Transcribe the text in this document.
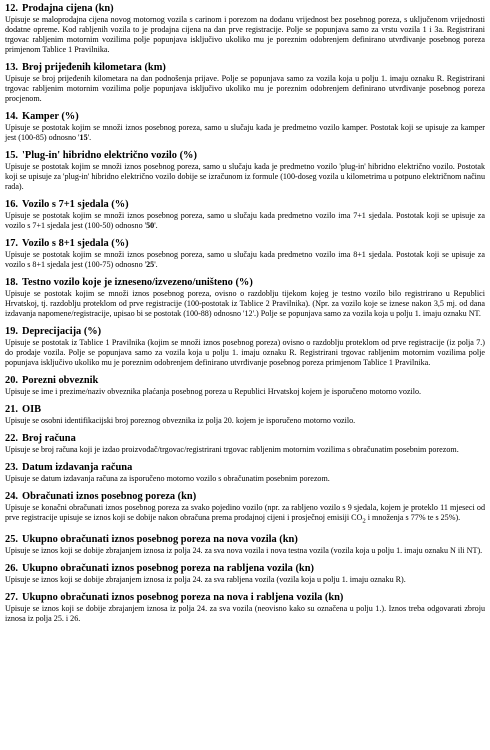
12. Prodajna cijena (kn)

Upisuje se maloprodajna cijena novog motornog vozila s carinom i porezom na dodanu vrijednost bez posebnog poreza, s uključenom vrijednosti dodatne opreme. Kod rabljenih vozila to je prodajna cijena na dan prve registracije. Polje se popunjava samo za vrstu vozila 1 i 3a. Registrirani trgovac rabljenim motornim vozilima polje popunjava isključivo ukoliko mu je poreznim odobrenjem definirano utvrđivanje posebnog poreza primjenom Tablice 1 Pravilnika.

13. Broj prijeđenih kilometara (km)

Upisuje se broj prijeđenih kilometara na dan podnošenja prijave. Polje se popunjava samo za vozila koja u polju 1. imaju oznaku R. Registrirani trgovac rabljenim motornim vozilima polje popunjava isključivo ukoliko mu je poreznim odobrenjem definirano utvrđivanje posebnog poreza procjenom.

14. Kamper (%)

Upisuje se postotak kojim se množi iznos posebnog poreza, samo u slučaju kada je predmetno vozilo kamper. Postotak koji se upisuje za kamper jest (100-85) odnosno '15'.

15. 'Plug-in' hibridno električno vozilo (%)

Upisuje se postotak kojim se množi iznos posebnog poreza, samo u slučaju kada je predmetno vozilo 'plug-in' hibridno električno vozilo. Postotak koji se upisuje za 'plug-in' hibridno električno vozilo dobije se izračunom iz formule (100-doseg vozila u kilometrima u potpuno električnom načinu rada).

16. Vozilo s 7+1 sjedala (%)

Upisuje se postotak kojim se množi iznos posebnog poreza, samo u slučaju kada predmetno vozilo ima 7+1 sjedala. Postotak koji se upisuje za vozilo s 7+1 sjedala jest (100-50) odnosno '50'.

17. Vozilo s 8+1 sjedala (%)

Upisuje se postotak kojim se množi iznos posebnog poreza, samo u slučaju kada predmetno vozilo ima 8+1 sjedala. Postotak koji se upisuje za vozilo s 8+1 sjedala jest (100-75) odnosno '25'.

18. Testno vozilo koje je izneseno/izvezeno/uništeno (%)

Upisuje se postotak kojim se množi iznos posebnog poreza, ovisno o razdoblju tijekom kojeg je testno vozilo bilo registrirano u Republici Hrvatskoj, tj. razdoblju proteklom od prve registracije (100-postotak iz Tablice 2 Pravilnika). (Npr. za vozilo koje se iznese nakon 3,5 mj. od dana izdavanja napomene/registracije, upisao bi se postotak (100-88) odnosno '12'.) Polje se popunjava samo za vozila koja u polju 1. imaju oznaku NT.

19. Deprecijacija (%)

Upisuje se postotak iz Tablice 1 Pravilnika (kojim se množi iznos posebnog poreza) ovisno o razdoblju proteklom od prve registracije (iz polja 7.) do prodaje vozila. Polje se popunjava samo za vozila koja u polju 1. imaju oznaku R. Registrirani trgovac rabljenim motornim vozilima polje popunjava isključivo ukoliko mu je poreznim odobrenjem definirano utvrđivanje posebnog poreza primjenom Tablice 1 Pravilnika.

20. Porezni obveznik

Upisuje se ime i prezime/naziv obveznika plaćanja posebnog poreza u Republici Hrvatskoj kojem je isporučeno motorno vozilo.

21. OIB

Upisuje se osobni identifikacijski broj poreznog obveznika iz polja 20. kojem je isporučeno motorno vozilo.

22. Broj računa

Upisuje se broj računa koji je izdao proizvođač/trgovac/registrirani trgovac rabljenim motornim vozilima s obračunatim posebnim porezom.

23. Datum izdavanja računa

Upisuje se datum izdavanja računa za isporučeno motorno vozilo s obračunatim posebnim porezom.

24. Obračunati iznos posebnog poreza (kn)

Upisuje se konačni obračunati iznos posebnog poreza za svako pojedino vozilo (npr. za rabljeno vozilo s 9 sjedala, kojem je proteklo 11 mjeseci od prve registracije upisuje se iznos koji se dobije nakon obračuna prema prodajnoj cijeni i prosječnoj emisiji $CO_2$ i množenja s 77% te s 25%).

25. Ukupno obračunati iznos posebnog poreza na nova vozila (kn)

Upisuje se iznos koji se dobije zbrajanjem iznosa iz polja 24. za sva nova vozila i nova testna vozila (vozila koja u polju 1. imaju oznaku N ili NT).

26. Ukupno obračunati iznos posebnog poreza na rabljena vozila (kn)

Upisuje se iznos koji se dobije zbrajanjem iznosa iz polja 24. za sva rabljena vozila (vozila koja u polju 1. imaju oznaku R).

27. Ukupno obračunati iznos posebnog poreza na nova i rabljena vozila (kn)

Upisuje se iznos koji se dobije zbrajanjem iznosa iz polja 24. za sva vozila (neovisno kako su označena u polju 1.). Iznos treba odgovarati zbroju iznosa iz polja 25. i 26.
